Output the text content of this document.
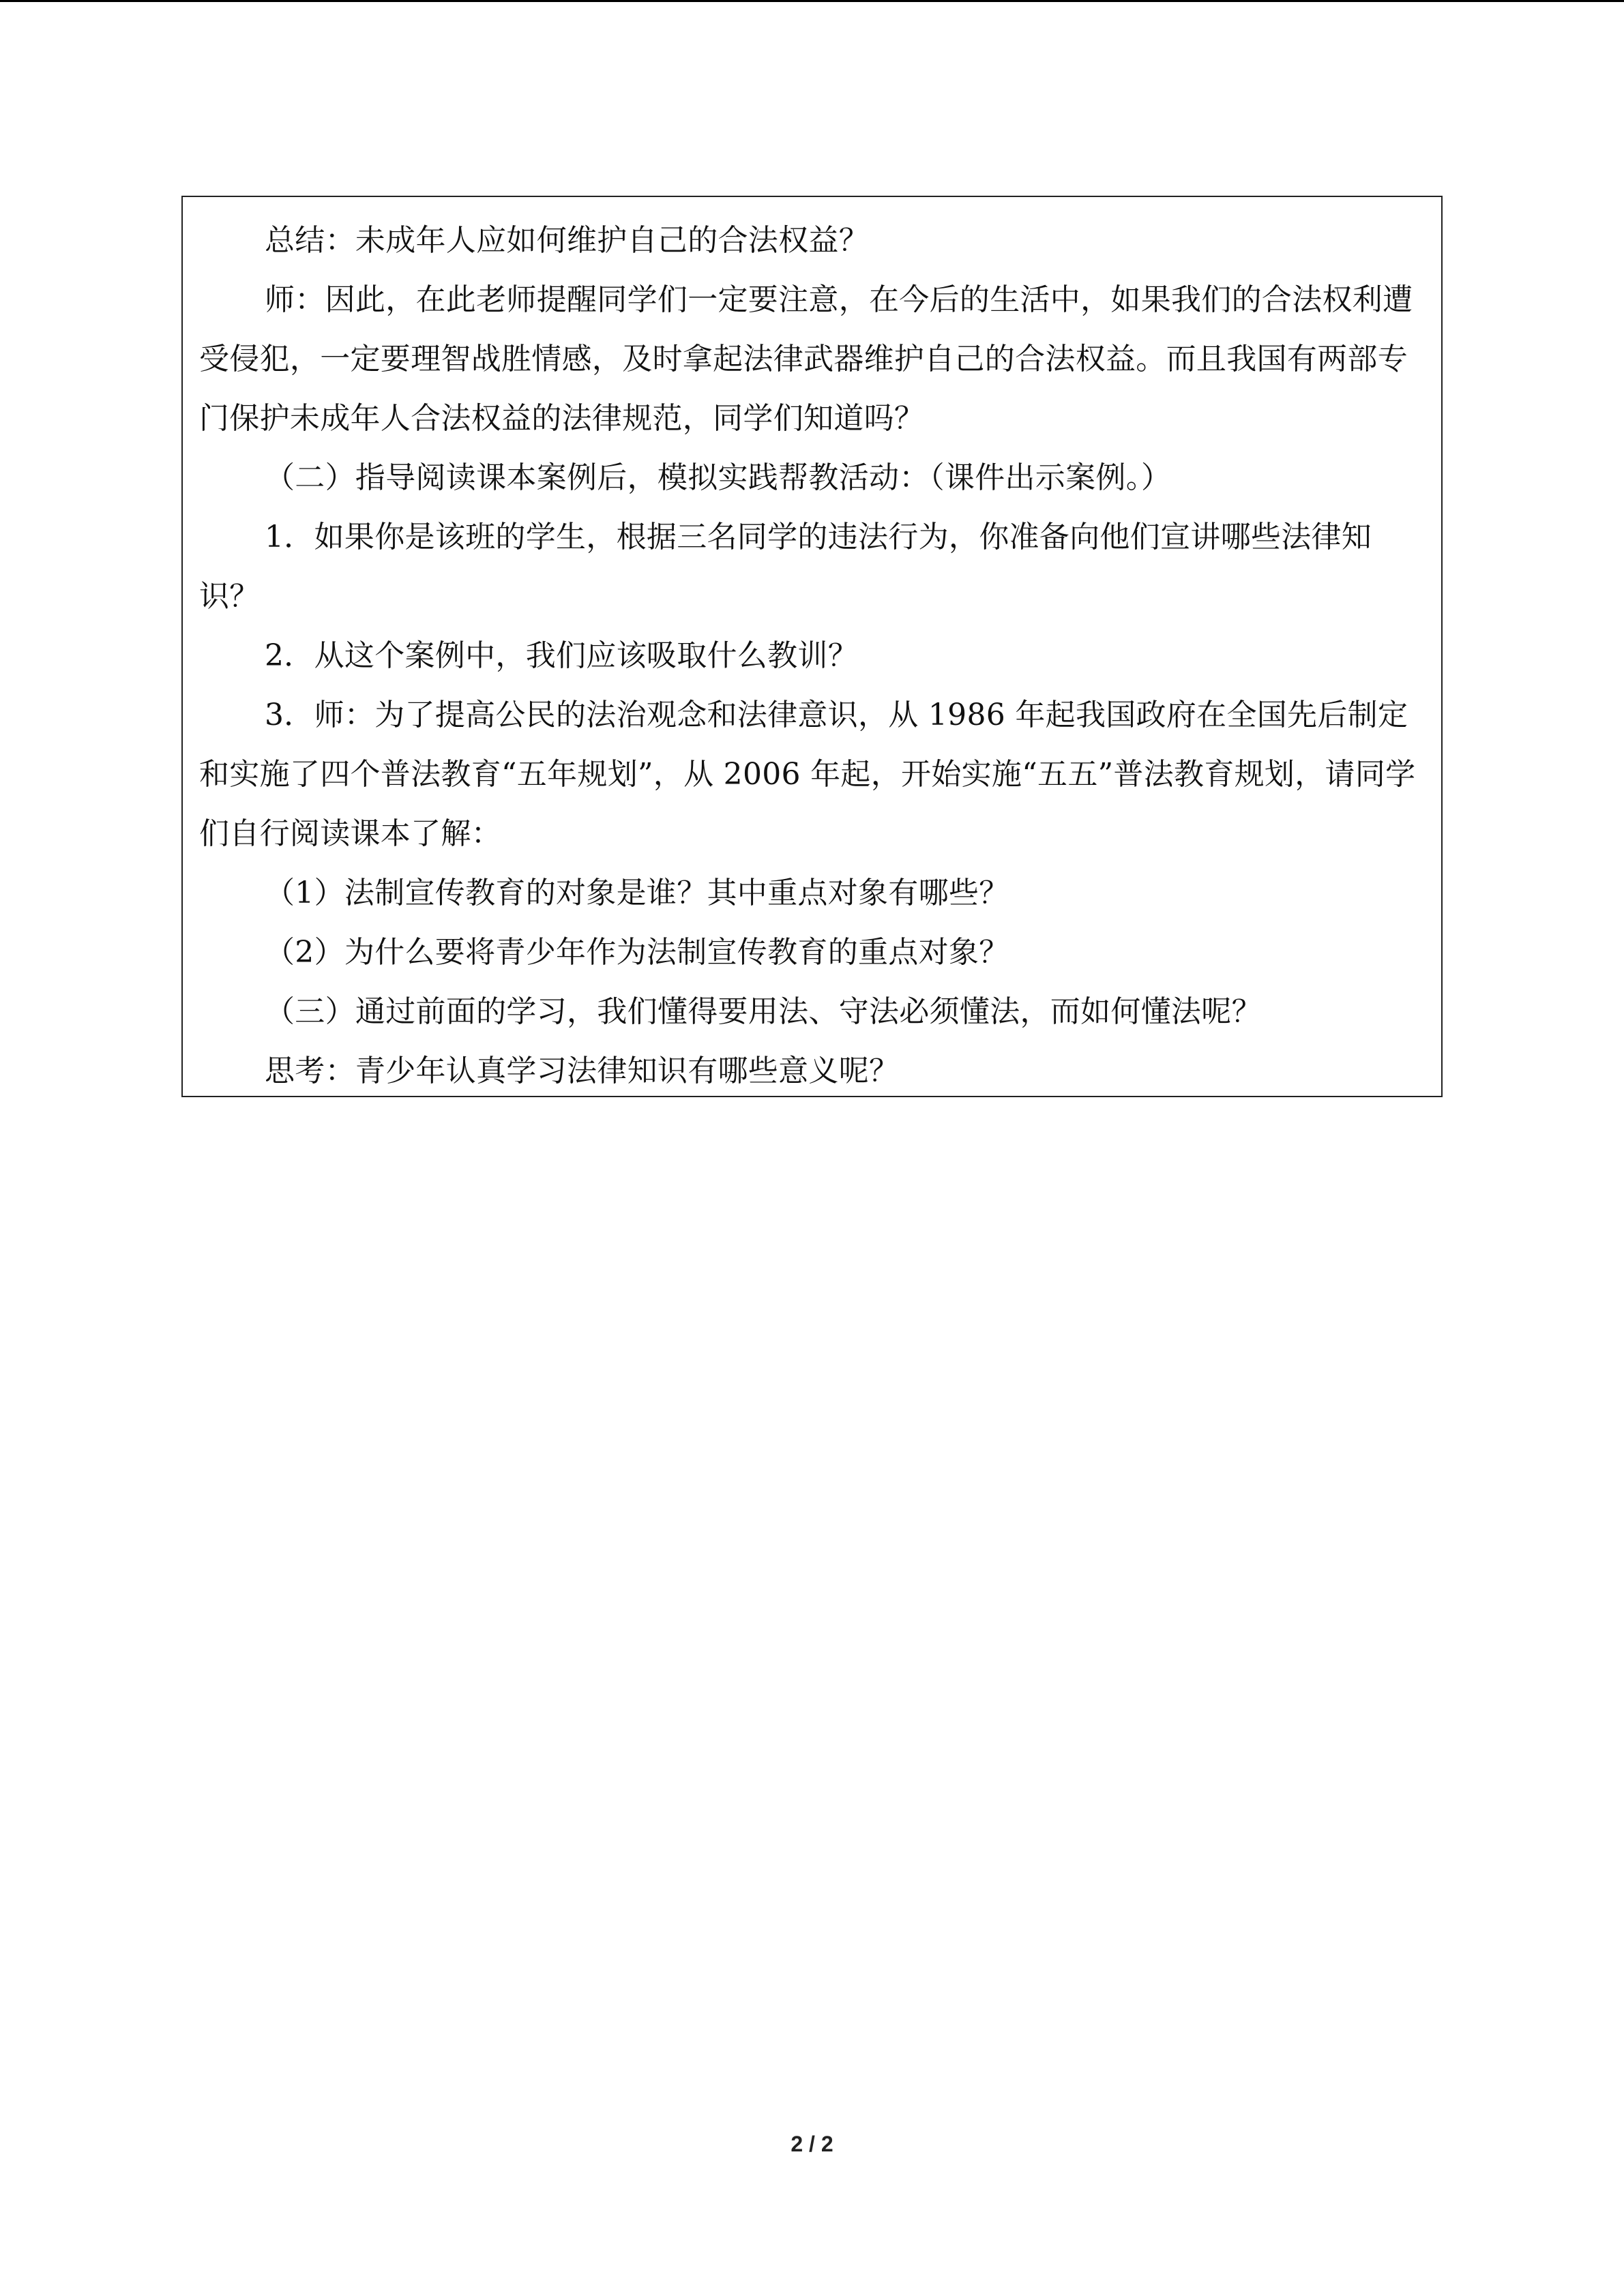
总结：未成年人应如何维护自己的合法权益？

师：因此，在此老师提醒同学们一定要注意，在今后的生活中，如果我们的合法权利遭受侵犯，一定要理智战胜情感，及时拿起法律武器维护自己的合法权益。而且我国有两部专门保护未成年人合法权益的法律规范，同学们知道吗？

（二）指导阅读课本案例后，模拟实践帮教活动：（课件出示案例。）

1．如果你是该班的学生，根据三名同学的违法行为，你准备向他们宣讲哪些法律知识？

2．从这个案例中，我们应该吸取什么教训？

3．师：为了提高公民的法治观念和法律意识，从 1986 年起我国政府在全国先后制定和实施了四个普法教育“五年规划”，从 2006 年起，开始实施“五五”普法教育规划，请同学们自行阅读课本了解：

（1）法制宣传教育的对象是谁？其中重点对象有哪些？

（2）为什么要将青少年作为法制宣传教育的重点对象？

（三）通过前面的学习，我们懂得要用法、守法必须懂法，而如何懂法呢？

思考：青少年认真学习法律知识有哪些意义呢？

2 / 2
